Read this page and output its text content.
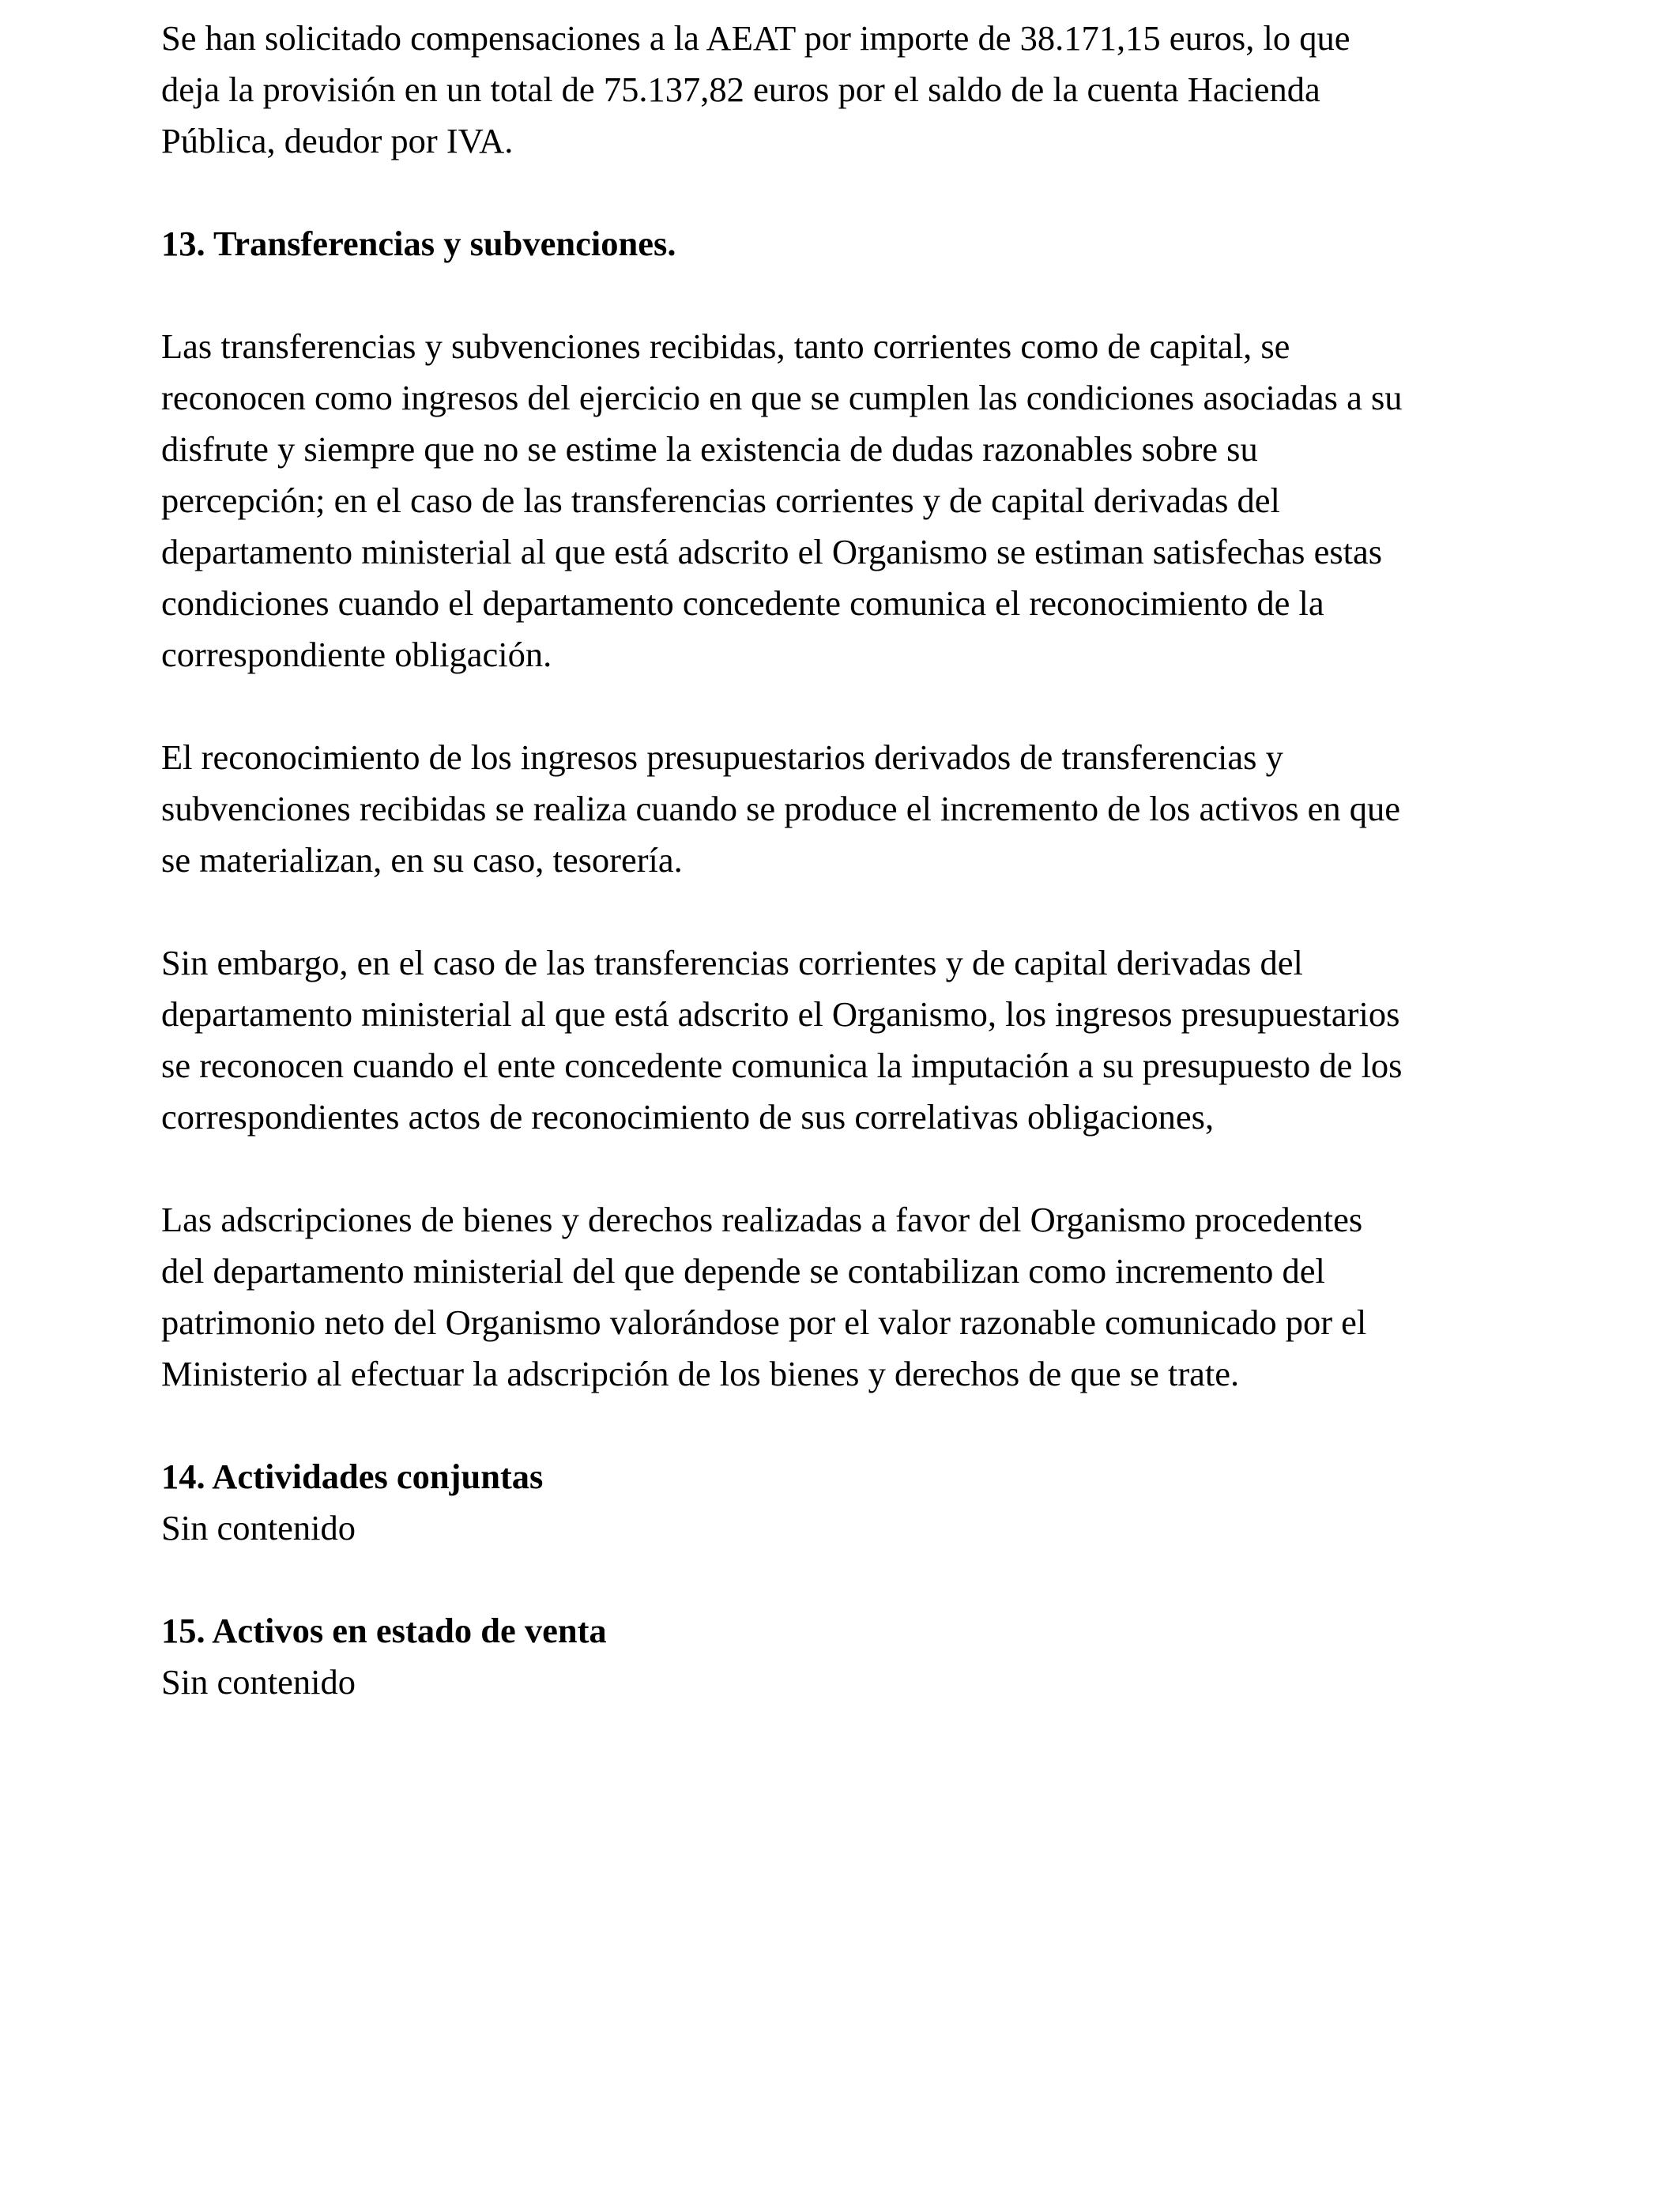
Se han solicitado compensaciones a la AEAT por importe de 38.171,15 euros, lo que
deja la provisión en un total de 75.137,82 euros por el saldo de la cuenta Hacienda
Pública, deudor por IVA.

13. Transferencias y subvenciones.

Las transferencias y subvenciones recibidas, tanto corrientes como de capital, se
reconocen como ingresos del ejercicio en que se cumplen las condiciones asociadas a su
disfrute y siempre que no se estime la existencia de dudas razonables sobre su
percepción; en el caso de las transferencias corrientes y de capital derivadas del
departamento ministerial al que está adscrito el Organismo se estiman satisfechas estas
condiciones cuando el departamento concedente comunica el reconocimiento de la
correspondiente obligación.

El reconocimiento de los ingresos presupuestarios derivados de transferencias y
subvenciones recibidas se realiza cuando se produce el incremento de los activos en que
se materializan, en su caso, tesorería.

Sin embargo, en el caso de las transferencias corrientes y de capital derivadas del
departamento ministerial al que está adscrito el Organismo, los ingresos presupuestarios
se reconocen cuando el ente concedente comunica la imputación a su presupuesto de los
correspondientes actos de reconocimiento de sus correlativas obligaciones,

Las adscripciones de bienes y derechos realizadas a favor del Organismo procedentes
del departamento ministerial del que depende se contabilizan como incremento del
patrimonio neto del Organismo valorándose por el valor razonable comunicado por el
Ministerio al efectuar la adscripción de los bienes y derechos de que se trate.

14. Actividades conjuntas

Sin contenido

15. Activos en estado de venta

Sin contenido
